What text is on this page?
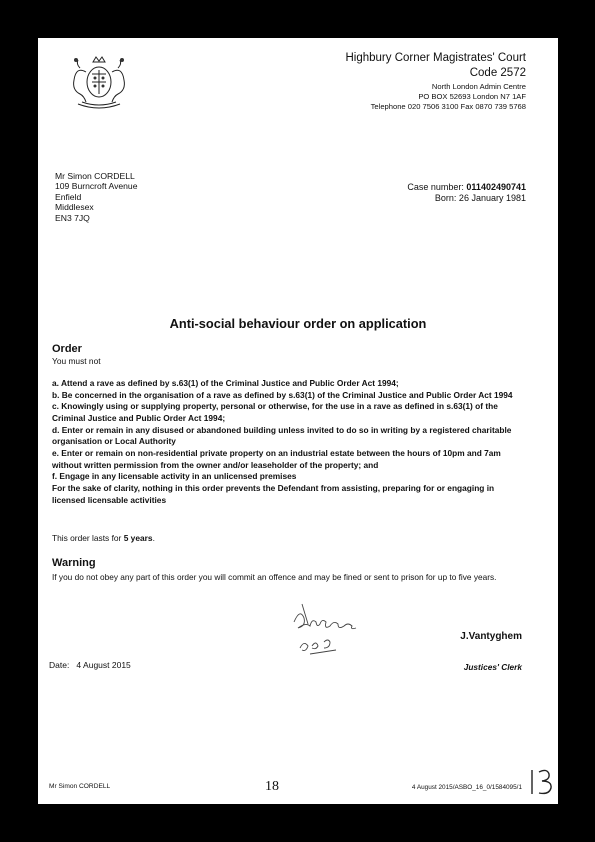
Highbury Corner Magistrates' Court
Code 2572
North London Admin Centre
PO BOX 52693 London N7 1AF
Telephone 020 7506 3100 Fax 0870 739 5768
Mr Simon CORDELL
109 Burncroft Avenue
Enfield
Middlesex
EN3 7JQ
Case number: 011402490741
Born: 26 January 1981
Anti-social behaviour order on application
Order
You must not
a. Attend a rave as defined by s.63(1) of the Criminal Justice and Public Order Act 1994;
b. Be concerned in the organisation of a rave as defined by s.63(1) of the Criminal Justice and Public Order Act 1994
c. Knowingly using or supplying property, personal or otherwise, for the use in a rave as defined in s.63(1) of the Criminal Justice and Public Order Act 1994;
d. Enter or remain in any disused or abandoned building unless invited to do so in writing by a registered charitable organisation or Local Authority
e. Enter or remain on non-residential private property on an industrial estate between the hours of 10pm and 7am without written permission from the owner and/or leaseholder of the property; and
f. Engage in any licensable activity in an unlicensed premises
For the sake of clarity, nothing in this order prevents the Defendant from assisting, preparing for or engaging in licensed licensable activities
This order lasts for 5 years.
Warning
If you do not obey any part of this order you will commit an offence and may be fined or sent to prison for up to five years.
J.Vantyghem
Justices' Clerk
Date: 4 August 2015
Mr Simon CORDELL	18	4 August 2015/ASBO_16_0/1584095/1
